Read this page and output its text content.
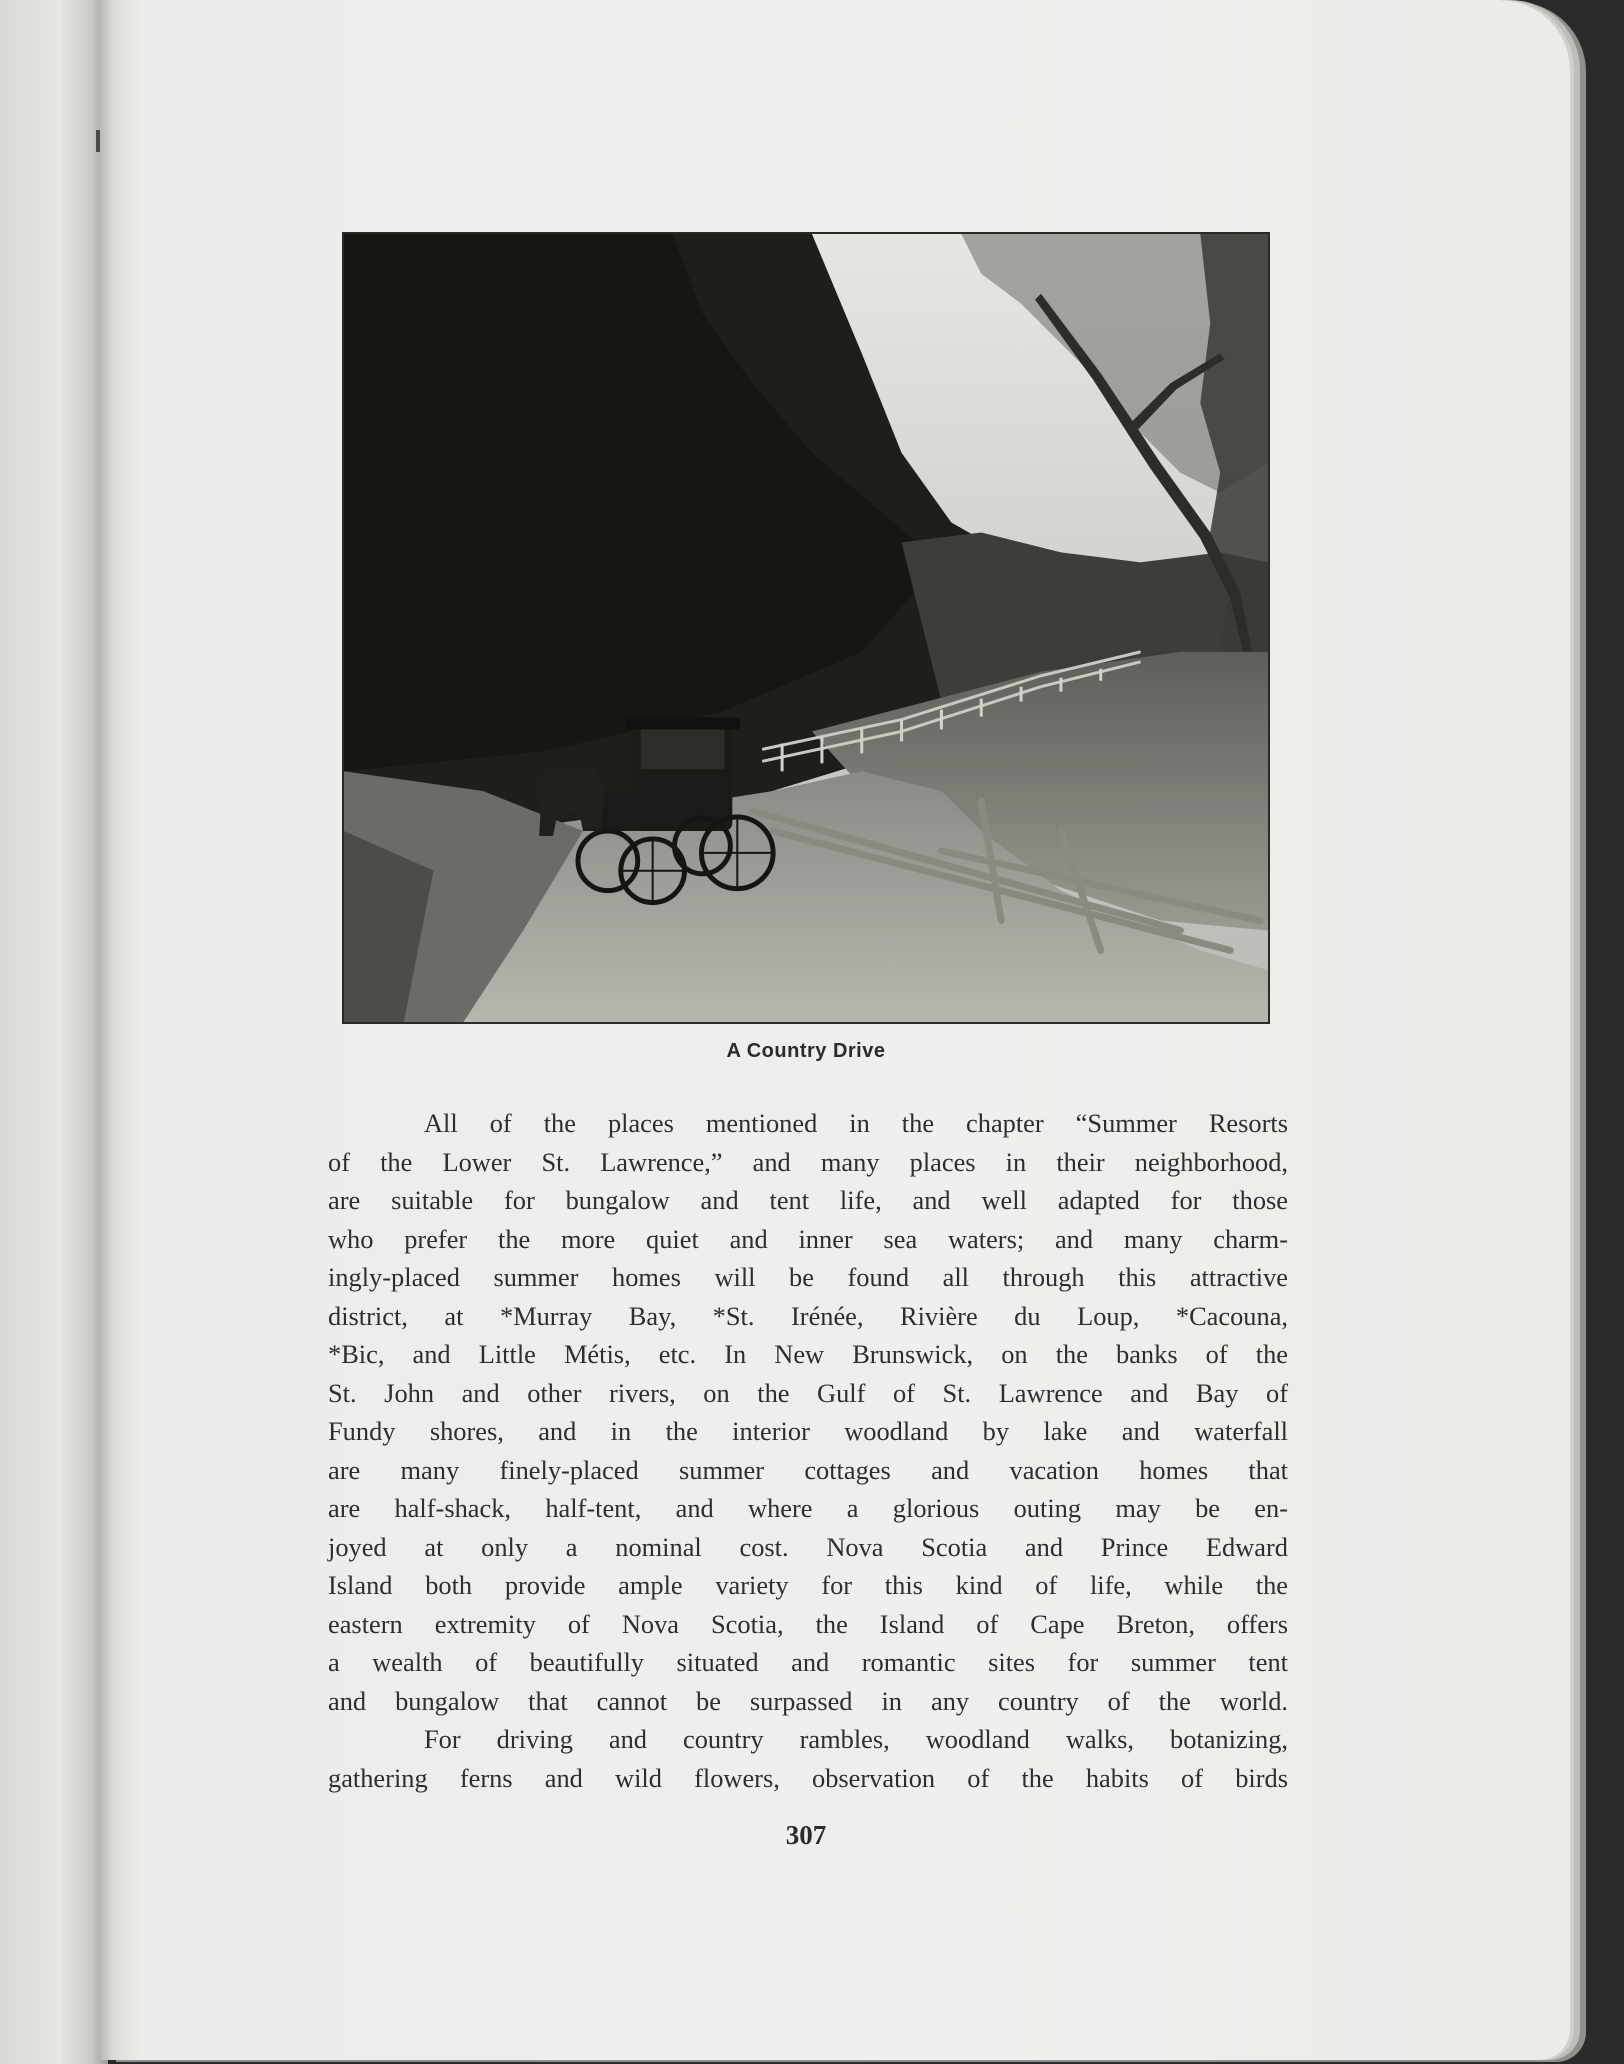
A Country Drive
All of the places mentioned in the chapter “Summer Resorts
of the Lower St. Lawrence,” and many places in their neighborhood,
are suitable for bungalow and tent life, and well adapted for those
who prefer the more quiet and inner sea waters; and many charm-
ingly-placed summer homes will be found all through this attractive
district, at *Murray Bay, *St. Irénée, Rivière du Loup, *Cacouna,
*Bic, and Little Métis, etc. In New Brunswick, on the banks of the
St. John and other rivers, on the Gulf of St. Lawrence and Bay of
Fundy shores, and in the interior woodland by lake and waterfall
are many finely-placed summer cottages and vacation homes that
are half-shack, half-tent, and where a glorious outing may be en-
joyed at only a nominal cost. Nova Scotia and Prince Edward
Island both provide ample variety for this kind of life, while the
eastern extremity of Nova Scotia, the Island of Cape Breton, offers
a wealth of beautifully situated and romantic sites for summer tent
and bungalow that cannot be surpassed in any country of the world.
For driving and country rambles, woodland walks, botanizing,
gathering ferns and wild flowers, observation of the habits of birds
307
